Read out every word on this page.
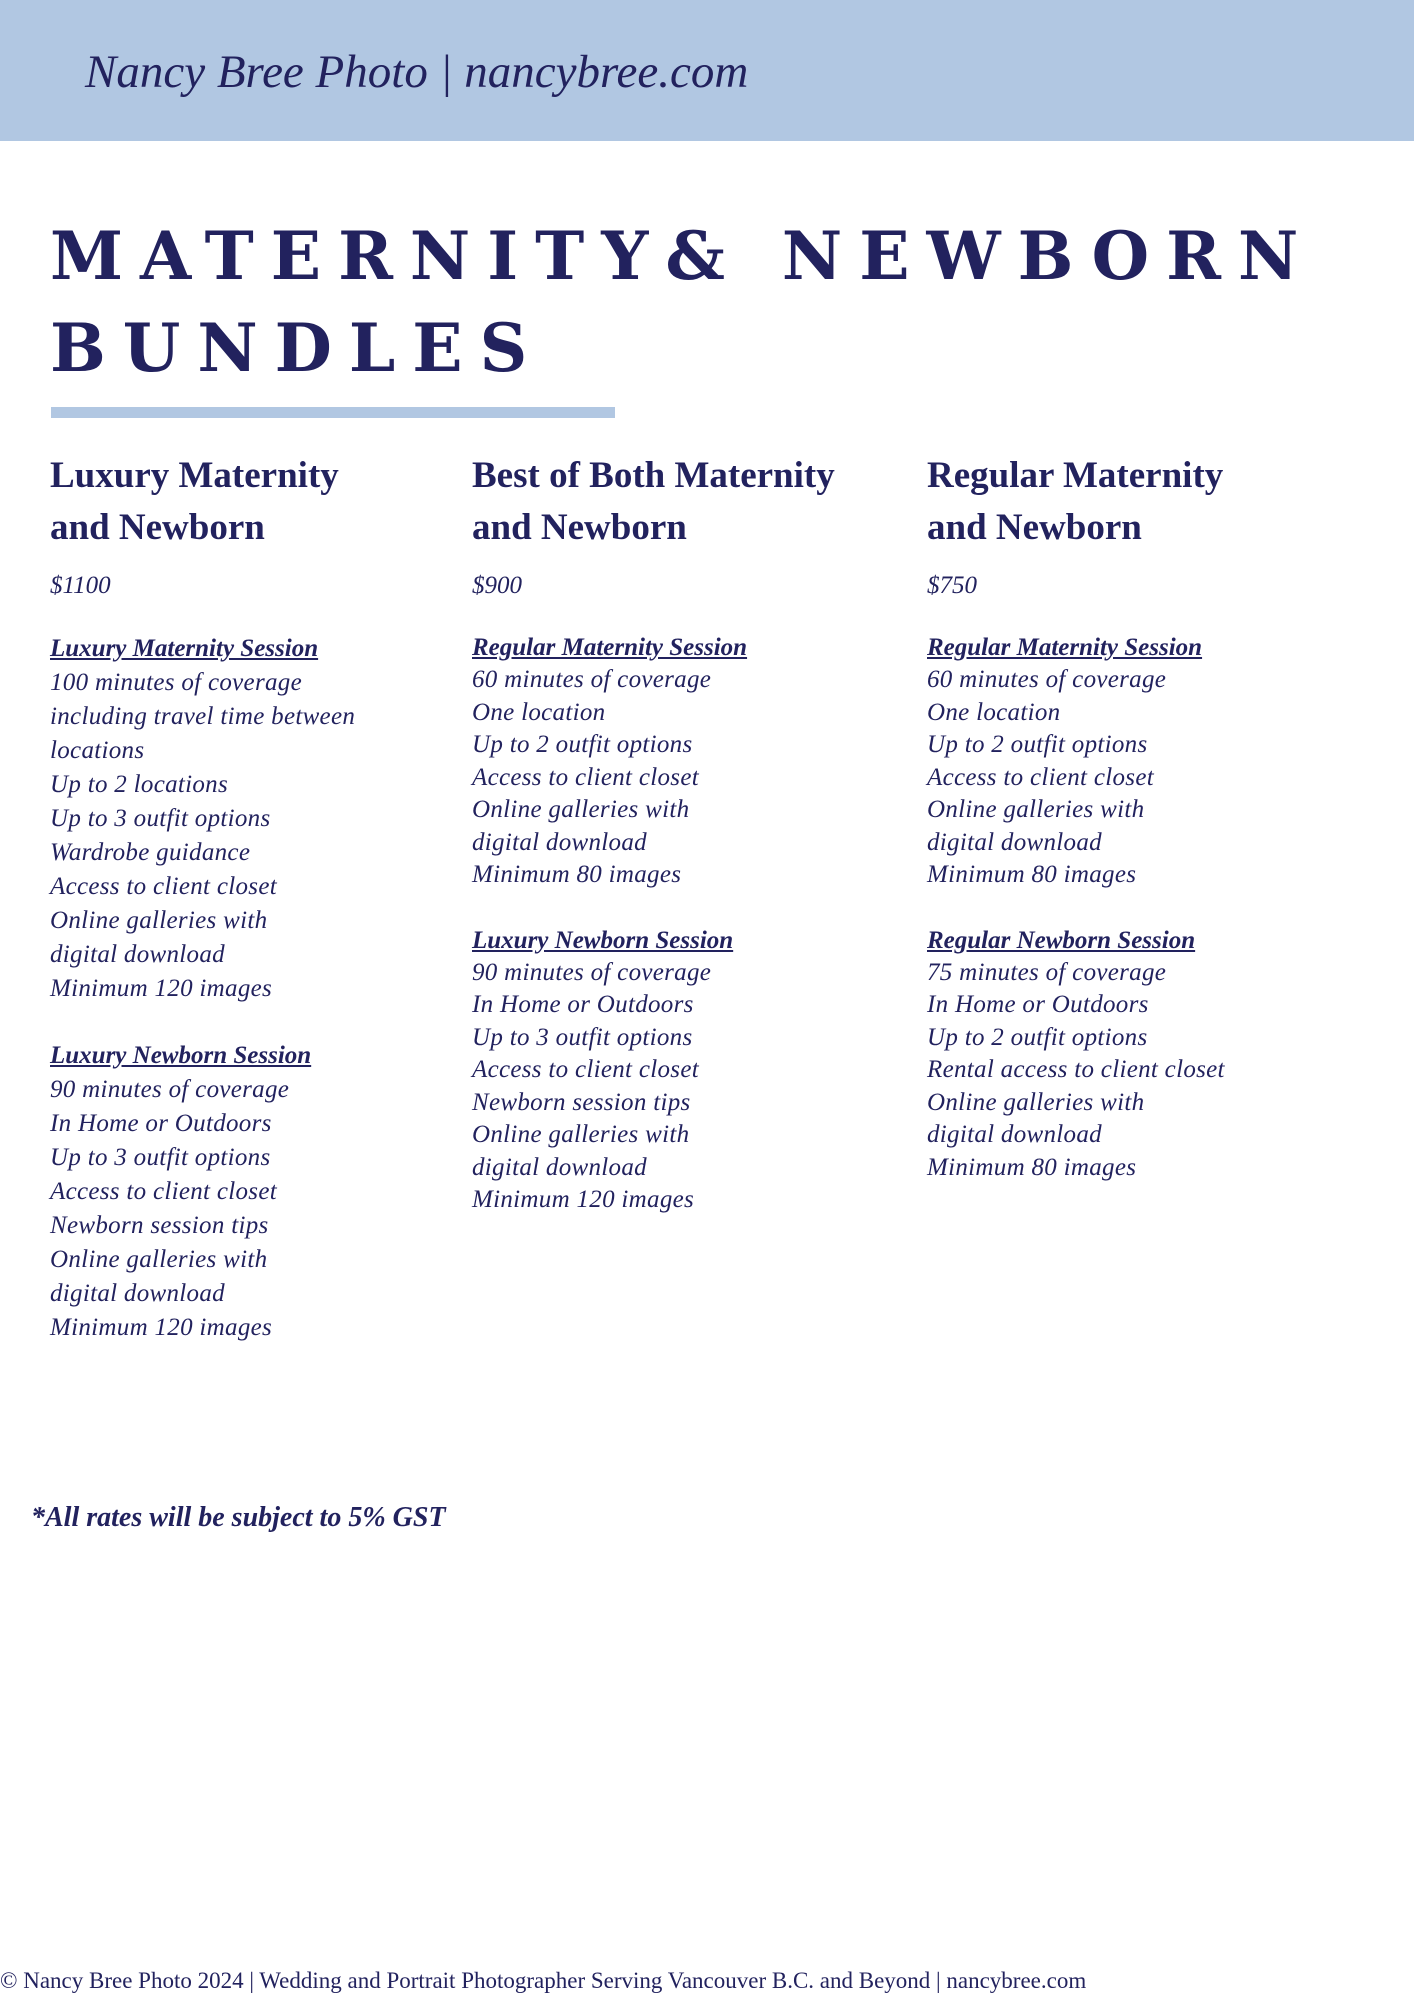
Nancy Bree Photo | nancybree.com
MATERNITY& NEWBORN
BUNDLES
Luxury Maternity
and Newborn
$1100
Luxury Maternity Session
100 minutes of coverage
including travel time between
locations
Up to 2 locations
Up to 3 outfit options
Wardrobe guidance
Access to client closet
Online galleries with
digital download
Minimum 120 images
Luxury Newborn Session
90 minutes of coverage
In Home or Outdoors
Up to 3 outfit options
Access to client closet
Newborn session tips
Online galleries with
digital download
Minimum 120 images
Best of Both Maternity
and Newborn
$900
Regular Maternity Session
60 minutes of coverage
One location
Up to 2 outfit options
Access to client closet
Online galleries with
digital download
Minimum 80 images
Luxury Newborn Session
90 minutes of coverage
In Home or Outdoors
Up to 3 outfit options
Access to client closet
Newborn session tips
Online galleries with
digital download
Minimum 120 images
Regular Maternity
and Newborn
$750
Regular Maternity Session
60 minutes of coverage
One location
Up to 2 outfit options
Access to client closet
Online galleries with
digital download
Minimum 80 images
Regular Newborn Session
75 minutes of coverage
In Home or Outdoors
Up to 2 outfit options
Rental access to client closet
Online galleries with
digital download
Minimum 80 images
*All rates will be subject to 5% GST
© Nancy Bree Photo 2024 | Wedding and Portrait Photographer Serving Vancouver B.C. and Beyond | nancybree.com
